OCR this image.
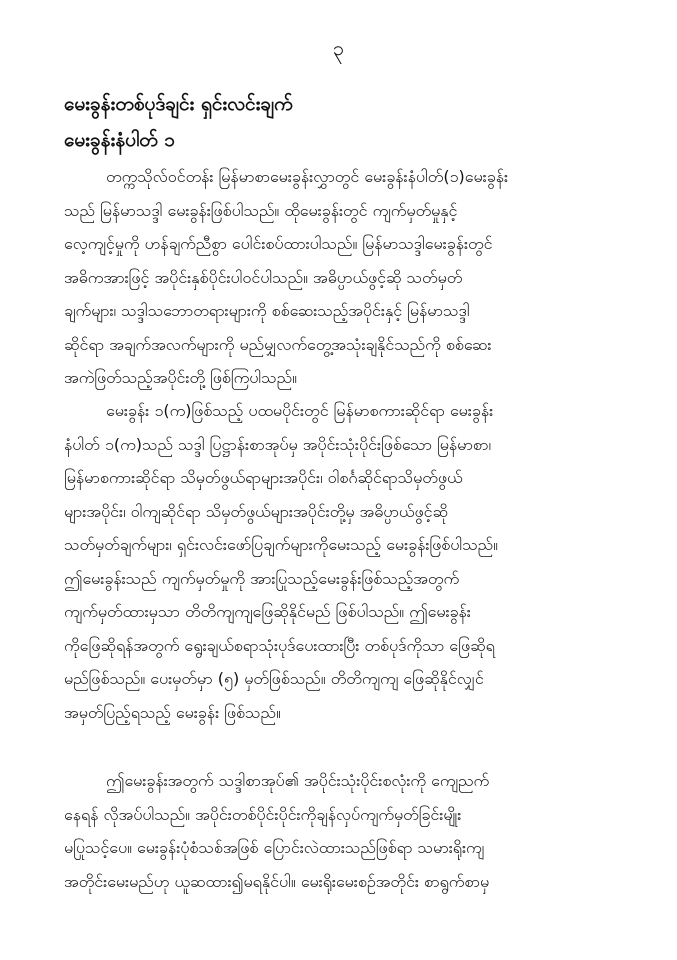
၃
မေးခွန်းတစ်ပုဒ်ချင်း ရှင်းလင်းချက်
မေးခွန်းနံပါတ် ၁
တက္ကသိုလ်ဝင်တန်း မြန်မာစာမေးခွန်းလွှာတွင် မေးခွန်းနံပါတ်(၁)မေးခွန်း
သည် မြန်မာသဒ္ဒါ မေးခွန်းဖြစ်ပါသည်။ ထိုမေးခွန်းတွင် ကျက်မှတ်မှုနှင့်
လေ့ကျင့်မှုကို ဟန်ချက်ညီစွာ ပေါင်းစပ်ထားပါသည်။ မြန်မာသဒ္ဒါမေးခွန်းတွင်
အဓိကအားဖြင့် အပိုင်းနှစ်ပိုင်းပါဝင်ပါသည်။ အဓိပ္ပာယ်ဖွင့်ဆို သတ်မှတ်
ချက်များ၊ သဒ္ဒါသဘောတရားများကို စစ်ဆေးသည့်အပိုင်းနှင့် မြန်မာသဒ္ဒါ
ဆိုင်ရာ အချက်အလက်များကို မည်မျှလက်တွေ့အသုံးချနိုင်သည်ကို စစ်ဆေး
အကဲဖြတ်သည့်အပိုင်းတို့ ဖြစ်ကြပါသည်။
မေးခွန်း ၁(က)ဖြစ်သည့် ပထမပိုင်းတွင် မြန်မာစကားဆိုင်ရာ မေးခွန်း
နံပါတ် ၁(က)သည် သဒ္ဒါ ပြဋ္ဌာန်းစာအုပ်မှ အပိုင်းသုံးပိုင်းဖြစ်သော မြန်မာစာ၊
မြန်မာစကားဆိုင်ရာ သိမှတ်ဖွယ်ရာများအပိုင်း၊ ဝါစင်္ဂဆိုင်ရာသိမှတ်ဖွယ်
များအပိုင်း၊ ဝါကျဆိုင်ရာ သိမှတ်ဖွယ်များအပိုင်းတို့မှ အဓိပ္ပာယ်ဖွင့်ဆို
သတ်မှတ်ချက်များ၊ ရှင်းလင်းဖော်ပြချက်များကိုမေးသည့် မေးခွန်းဖြစ်ပါသည်။
ဤမေးခွန်းသည် ကျက်မှတ်မှုကို အားပြုသည့်မေးခွန်းဖြစ်သည့်အတွက်
ကျက်မှတ်ထားမှသာ တိတိကျကျဖြေဆိုနိုင်မည် ဖြစ်ပါသည်။ ဤမေးခွန်း
ကိုဖြေဆိုရန်အတွက် ရွေးချယ်စရာသုံးပုဒ်ပေးထားပြီး တစ်ပုဒ်ကိုသာ ဖြေဆိုရ
မည်ဖြစ်သည်။ ပေးမှတ်မှာ (၅) မှတ်ဖြစ်သည်။ တိတိကျကျ ဖြေဆိုနိုင်လျှင်
အမှတ်ပြည့်ရသည့် မေးခွန်း ဖြစ်သည်။
ဤမေးခွန်းအတွက် သဒ္ဒါစာအုပ်၏ အပိုင်းသုံးပိုင်းစလုံးကို ကျေညက်
နေရန် လိုအပ်ပါသည်။ အပိုင်းတစ်ပိုင်းပိုင်းကိုချန်လှပ်ကျက်မှတ်ခြင်းမျိုး
မပြုသင့်ပေ။ မေးခွန်းပုံစံသစ်အဖြစ် ပြောင်းလဲထားသည်ဖြစ်ရာ သမားရိုးကျ
အတိုင်းမေးမည်ဟု ယူဆထား၍မရနိုင်ပါ။ မေးရိုးမေးစဉ်အတိုင်း စာရွက်စာမှ
